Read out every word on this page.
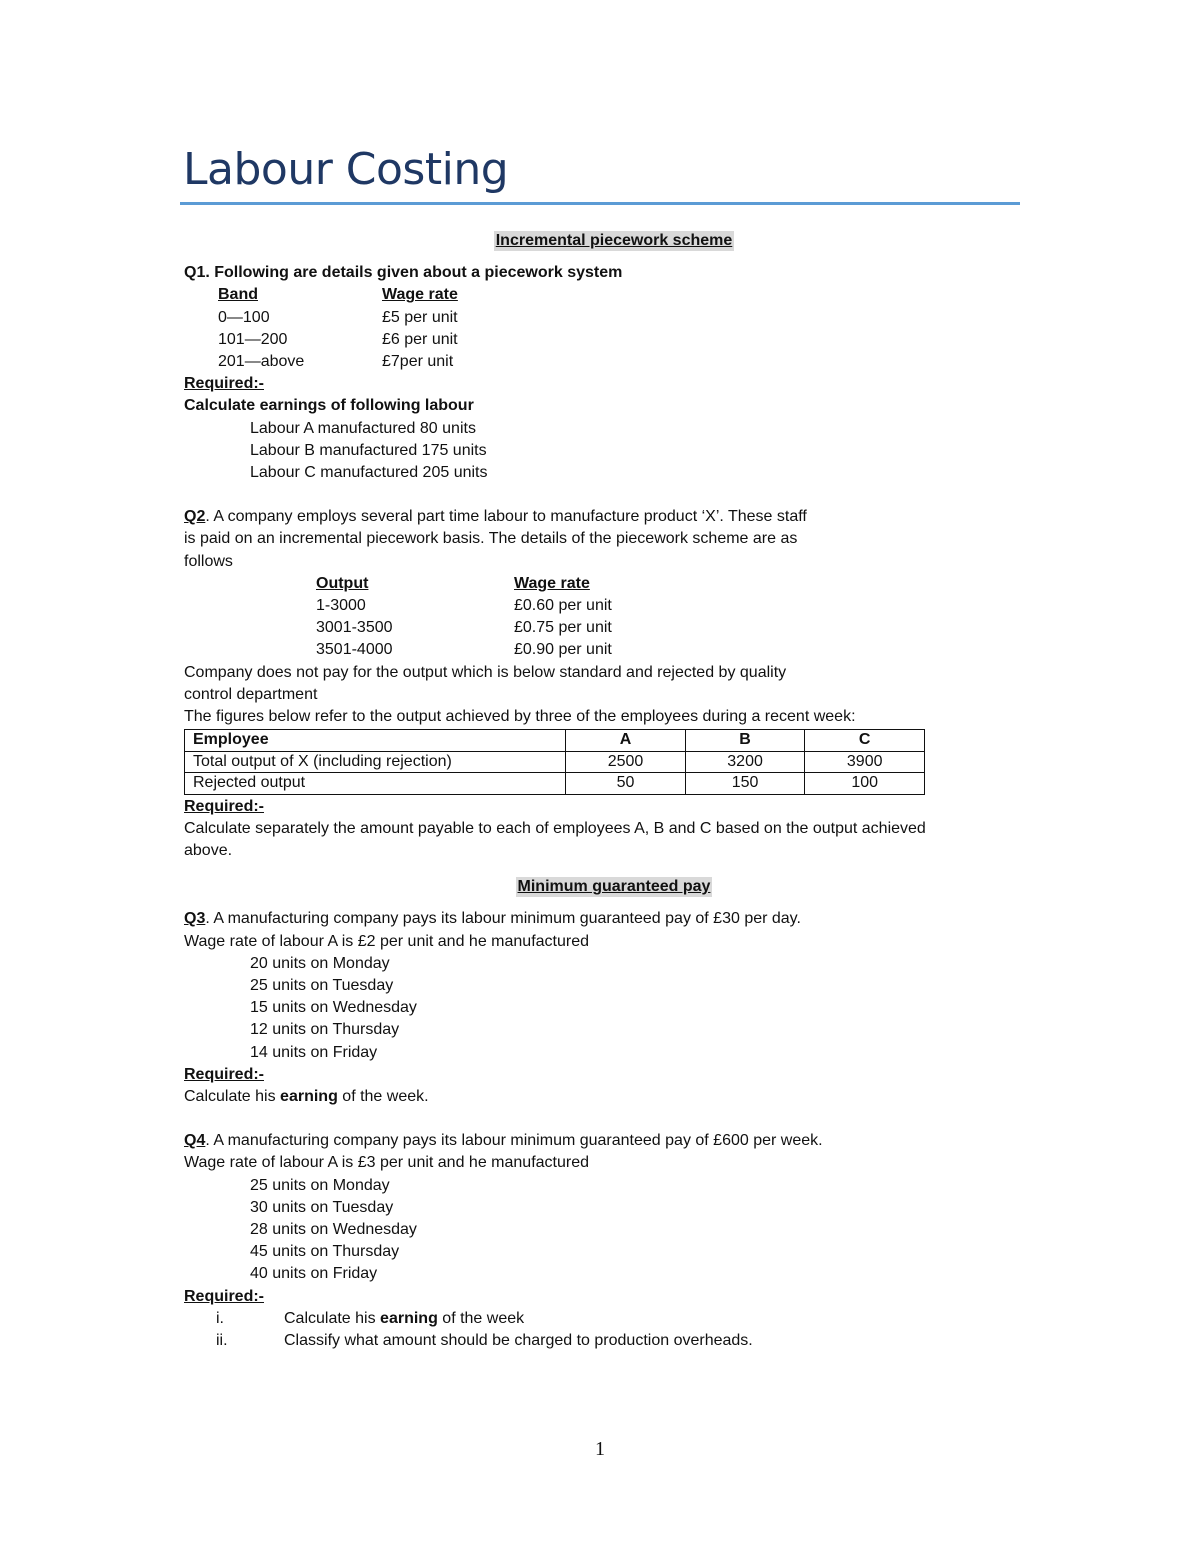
Labour Costing
Incremental piecework scheme
Q1. Following are details given about a piecework system
Band	Wage rate
0—100	£5 per unit
101—200	£6 per unit
201—above	£7per unit
Required:-
Calculate earnings of following labour
Labour A manufactured 80 units
Labour B manufactured 175 units
Labour C manufactured 205 units
Q2. A company employs several part time labour to manufacture product ‘X’. These staff
is paid on an incremental piecework basis. The details of the piecework scheme are as
follows
Output	Wage rate
1-3000	£0.60 per unit
3001-3500	£0.75 per unit
3501-4000	£0.90 per unit
Company does not pay for the output which is below standard and rejected by quality
control department
The figures below refer to the output achieved by three of the employees during a recent week:
Employee	A	B	C
Total output of X (including rejection)	2500	3200	3900
Rejected output	50	150	100
Required:-
Calculate separately the amount payable to each of employees A, B and C based on the output achieved
above.
Minimum guaranteed pay
Q3. A manufacturing company pays its labour minimum guaranteed pay of £30 per day.
Wage rate of labour A is £2 per unit and he manufactured
20 units on Monday
25 units on Tuesday
15 units on Wednesday
12 units on Thursday
14 units on Friday
Required:-
Calculate his earning of the week.
Q4. A manufacturing company pays its labour minimum guaranteed pay of £600 per week.
Wage rate of labour A is £3 per unit and he manufactured
25 units on Monday
30 units on Tuesday
28 units on Wednesday
45 units on Thursday
40 units on Friday
Required:-
i.	Calculate his earning of the week
ii.	Classify what amount should be charged to production overheads.
1
